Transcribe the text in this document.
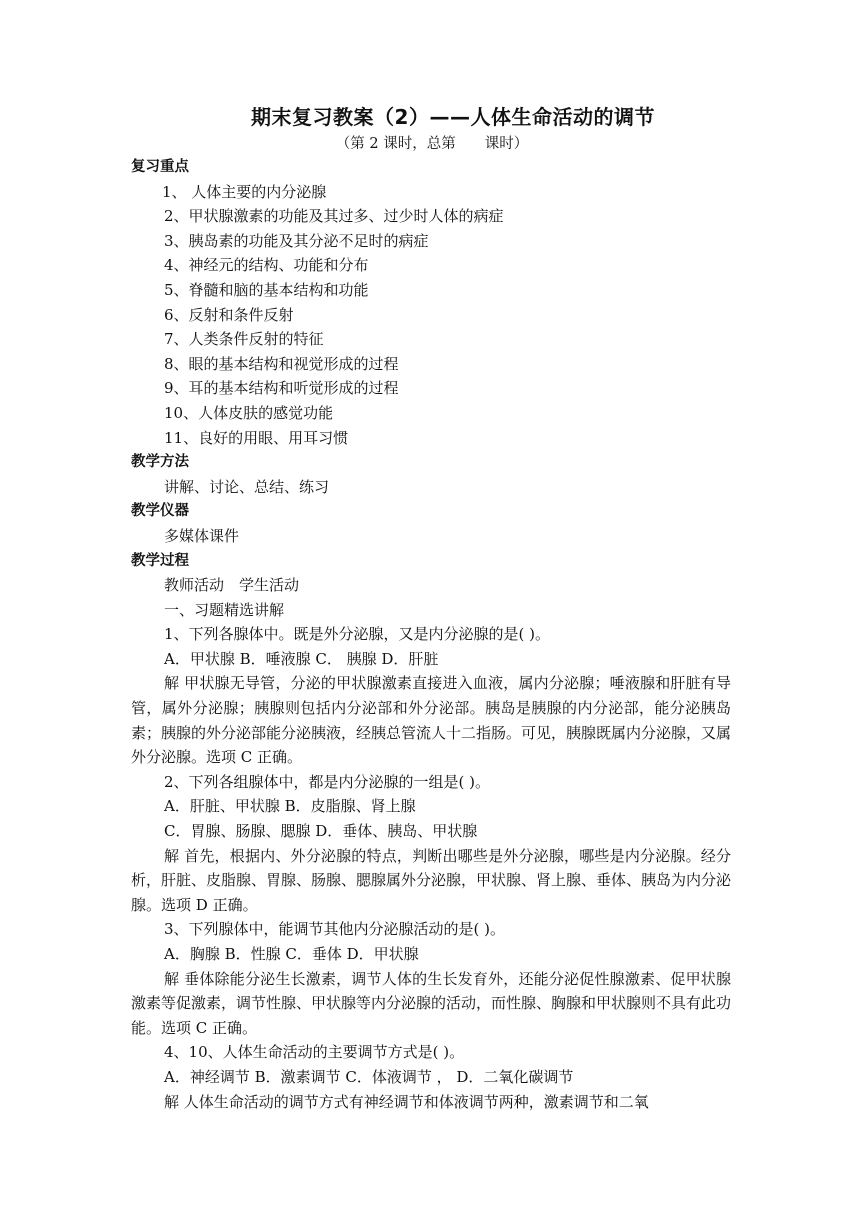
期末复习教案（2）——人体生命活动的调节
（第 2 课时，总第　　课时）
复习重点
1、 人体主要的内分泌腺
2、甲状腺激素的功能及其过多、过少时人体的病症
3、胰岛素的功能及其分泌不足时的病症
4、神经元的结构、功能和分布
5、脊髓和脑的基本结构和功能
6、反射和条件反射
7、人类条件反射的特征
8、眼的基本结构和视觉形成的过程
9、耳的基本结构和听觉形成的过程
10、人体皮肤的感觉功能
11、良好的用眼、用耳习惯
教学方法
讲解、讨论、总结、练习
教学仪器
多媒体课件
教学过程
教师活动　学生活动
一、习题精选讲解
1、下列各腺体中。既是外分泌腺，又是内分泌腺的是( )。
A．甲状腺 B．唾液腺 C． 胰腺 D．肝脏
解 甲状腺无导管，分泌的甲状腺激素直接进入血液，属内分泌腺；唾液腺和肝脏有导管，属外分泌腺；胰腺则包括内分泌部和外分泌部。胰岛是胰腺的内分泌部，能分泌胰岛素；胰腺的外分泌部能分泌胰液，经胰总管流人十二指肠。可见，胰腺既属内分泌腺，又属外分泌腺。选项 C 正确。
2、下列各组腺体中，都是内分泌腺的一组是( )。
A．肝脏、甲状腺 B．皮脂腺、肾上腺
C．胃腺、肠腺、腮腺 D．垂体、胰岛、甲状腺
解 首先，根据内、外分泌腺的特点，判断出哪些是外分泌腺，哪些是内分泌腺。经分析，肝脏、皮脂腺、胃腺、肠腺、腮腺属外分泌腺，甲状腺、肾上腺、垂体、胰岛为内分泌腺。选项 D 正确。
3、下列腺体中，能调节其他内分泌腺活动的是( )。
A．胸腺 B．性腺 C．垂体 D．甲状腺
解 垂体除能分泌生长激素，调节人体的生长发育外，还能分泌促性腺激素、促甲状腺激素等促激素，调节性腺、甲状腺等内分泌腺的活动，而性腺、胸腺和甲状腺则不具有此功能。选项 C 正确。
4、10、人体生命活动的主要调节方式是( )。
A．神经调节 B．激素调节 C．体液调节 ， D．二氧化碳调节
解 人体生命活动的调节方式有神经调节和体液调节两种，激素调节和二氧
